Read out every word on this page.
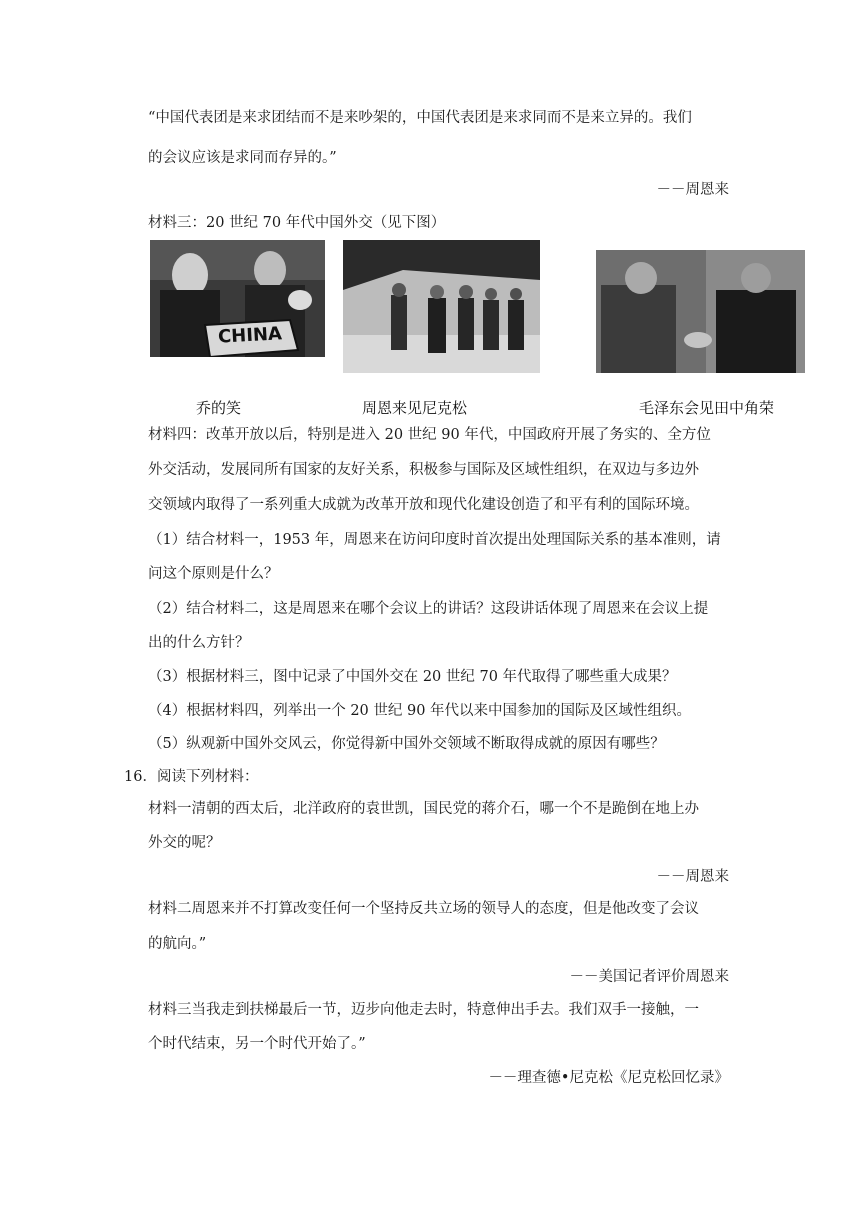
“中国代表团是来求团结而不是来吵架的，中国代表团是来求同而不是来立异的。我们
的会议应该是求同而存异的。”
－－周恩来
材料三：20 世纪 70 年代中国外交（见下图）
CHINA
乔的笑	周恩来见尼克松	毛泽东会见田中角荣
材料四：改革开放以后，特别是进入 20 世纪 90 年代，中国政府开展了务实的、全方位
外交活动，发展同所有国家的友好关系，积极参与国际及区域性组织，在双边与多边外
交领域内取得了一系列重大成就为改革开放和现代化建设创造了和平有利的国际环境。
（1）结合材料一，1953 年，周恩来在访问印度时首次提出处理国际关系的基本准则，请
问这个原则是什么？
（2）结合材料二，这是周恩来在哪个会议上的讲话？这段讲话体现了周恩来在会议上提
出的什么方针？
（3）根据材料三，图中记录了中国外交在 20 世纪 70 年代取得了哪些重大成果？
（4）根据材料四，列举出一个 20 世纪 90 年代以来中国参加的国际及区域性组织。
（5）纵观新中国外交风云，你觉得新中国外交领域不断取得成就的原因有哪些？
16．阅读下列材料：
材料一清朝的西太后，北洋政府的袁世凯，国民党的蒋介石，哪一个不是跪倒在地上办
外交的呢？
－－周恩来
材料二周恩来并不打算改变任何一个坚持反共立场的领导人的态度，但是他改变了会议
的航向。”
－－美国记者评价周恩来
材料三当我走到扶梯最后一节，迈步向他走去时，特意伸出手去。我们双手一接触，一
个时代结束，另一个时代开始了。”
－－理查德•尼克松《尼克松回忆录》
